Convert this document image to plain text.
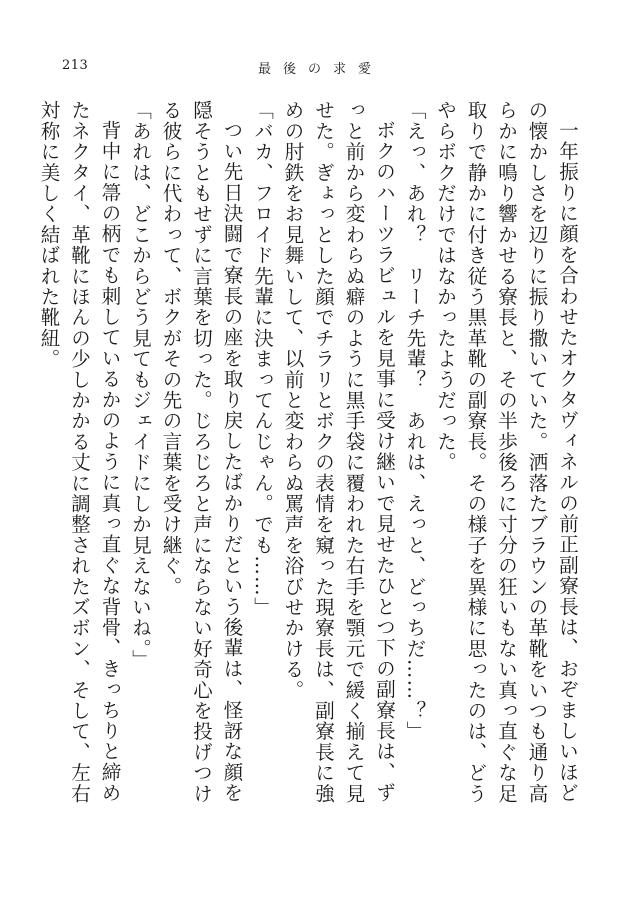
213	最後の求愛

一年振りに顔を合わせたオクタヴィネルの前正副寮長は、おぞましいほどの懐かしさを辺りに振り撒いていた。洒落たブラウンの革靴をいつも通り高らかに鳴り響かせる寮長と、その半歩後ろに寸分の狂いもない真っ直ぐな足取りで静かに付き従う黒革靴の副寮長。その様子を異様に思ったのは、どうやらボクだけではなかったようだった。

「えっ、あれ？　リーチ先輩？　あれは、えっと、どっちだ……？」

ボクのハーツラビュルを見事に受け継いで見せたひとつ下の副寮長は、ずっと前から変わらぬ癖のように黒手袋に覆われた右手を顎元で緩く揃えて見せた。ぎょっとした顔でチラリとボクの表情を窺った現寮長は、副寮長に強めの肘鉄をお見舞いして、以前と変わらぬ罵声を浴びせかける。

「バカ、フロイド先輩に決まってんじゃん。でも……」

つい先日決闘で寮長の座を取り戻したばかりだという後輩は、怪訝な顔を隠そうともせずに言葉を切った。じろじろと声にならない好奇心を投げつける彼らに代わって、ボクがその先の言葉を受け継ぐ。

「あれは、どこからどう見てもジェイドにしか見えないね。」

背中に箒の柄でも刺しているかのように真っ直ぐな背骨、きっちりと締めたネクタイ、革靴にほんの少しかかる丈に調整されたズボン、そして、左右対称に美しく結ばれた靴紐。
